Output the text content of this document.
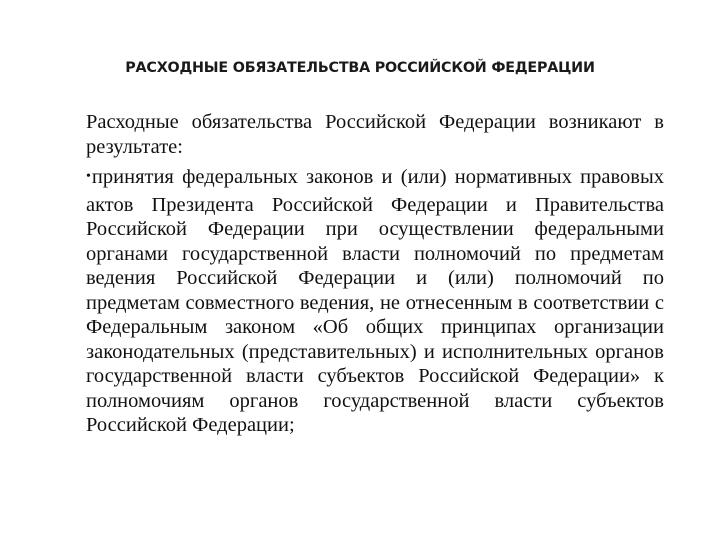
РАСХОДНЫЕ ОБЯЗАТЕЛЬСТВА РОССИЙСКОЙ ФЕДЕРАЦИИ

Расходные обязательства Российской Федерации возникают в результате:

•принятия федеральных законов и (или) нормативных правовых актов Президента Российской Федерации и Правительства Российской Федерации при осуществлении федеральными органами государственной власти полномочий по предметам ведения Российской Федерации и (или) полномочий по предметам совместного ведения, не отнесенным в соответствии с Федеральным законом «Об общих принципах организации законодательных (представительных) и исполнительных органов государственной власти субъектов Российской Федерации» к полномочиям органов государственной власти субъектов Российской Федерации;
